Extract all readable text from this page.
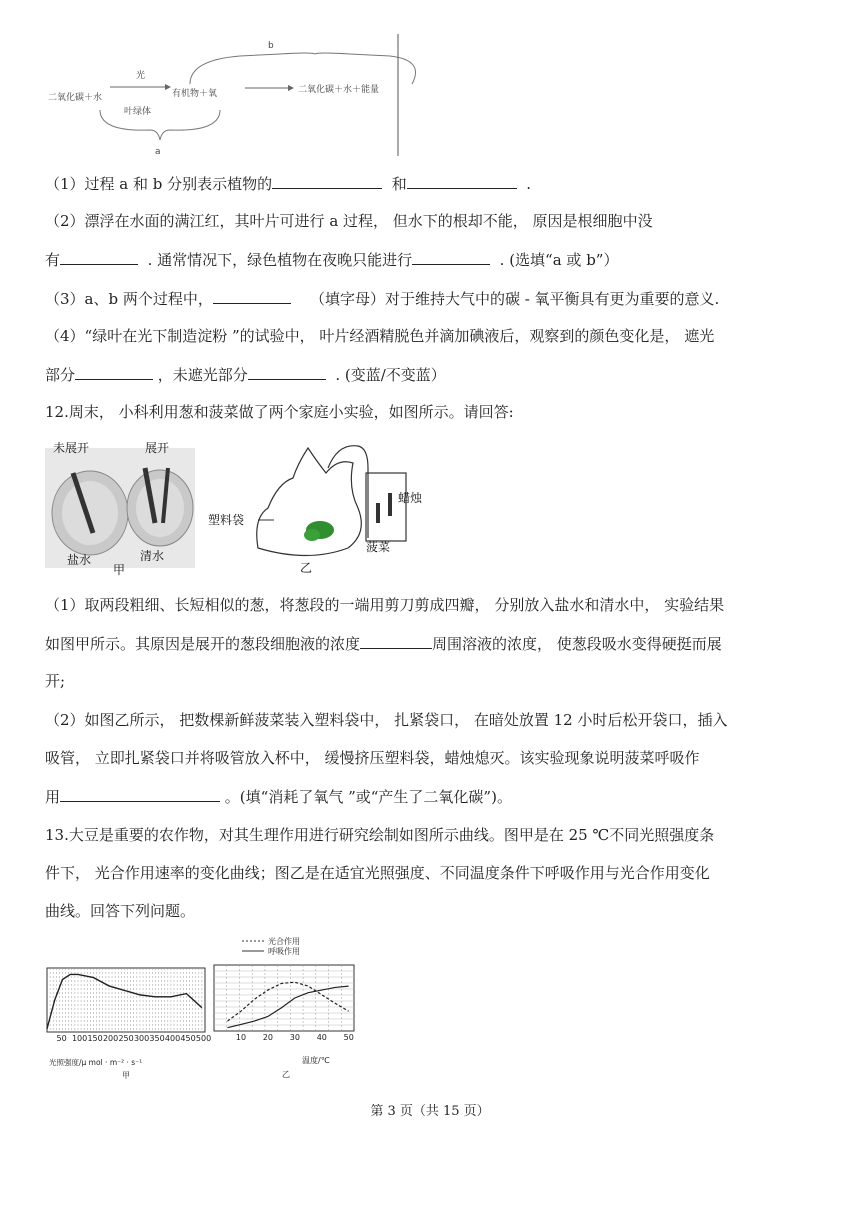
b
光
二氧化碳＋水	有机物＋氧	二氧化碳＋水＋能量
叶绿体
a
（1）过程 a 和 b 分别表示植物的	和	.
（2）漂浮在水面的满江红，其叶片可进行 a 过程， 但水下的根却不能， 原因是根细胞中没
有	. 通常情况下，绿色植物在夜晚只能进行	. (选填“a 或 b”）
（3）a、b 两个过程中，	（填字母）对于维持大气中的碳 - 氧平衡具有更为重要的意义.
（4）“绿叶在光下制造淀粉 ”的试验中， 叶片经酒精脱色并滴加碘液后，观察到的颜色变化是， 遮光
部分	，未遮光部分	. (变蓝/不变蓝）
12.周末， 小科利用葱和菠菜做了两个家庭小实验，如图所示。请回答:
未展开	展开
盐水	清水
甲
塑料袋
蜡烛
菠菜
乙
（1）取两段粗细、长短相似的葱，将葱段的一端用剪刀剪成四瓣， 分别放入盐水和清水中， 实验结果
如图甲所示。其原因是展开的葱段细胞液的浓度	周围溶液的浓度， 使葱段吸水变得硬挺而展
开;
（2）如图乙所示， 把数棵新鲜菠菜装入塑料袋中， 扎紧袋口， 在暗处放置 12 小时后松开袋口，插入
吸管， 立即扎紧袋口并将吸管放入杯中， 缓慢挤压塑料袋，蜡烛熄灭。该实验现象说明菠菜呼吸作
用	。(填“消耗了氧气 ”或“产生了二氧化碳”)。
13.大豆是重要的农作物，对其生理作用进行研究绘制如图所示曲线。图甲是在 25 ℃不同光照强度条
件下， 光合作用速率的变化曲线；图乙是在适宜光照强度、不同温度条件下呼吸作用与光合作用变化
曲线。回答下列问题。
50 100 150 200 250 300 350 400 450 500
光照强度/μ mol · m⁻² · s⁻¹
甲
光合作用
呼吸作用
10 20 30 40 50
温度/℃
乙
第 3 页（共 15 页）
